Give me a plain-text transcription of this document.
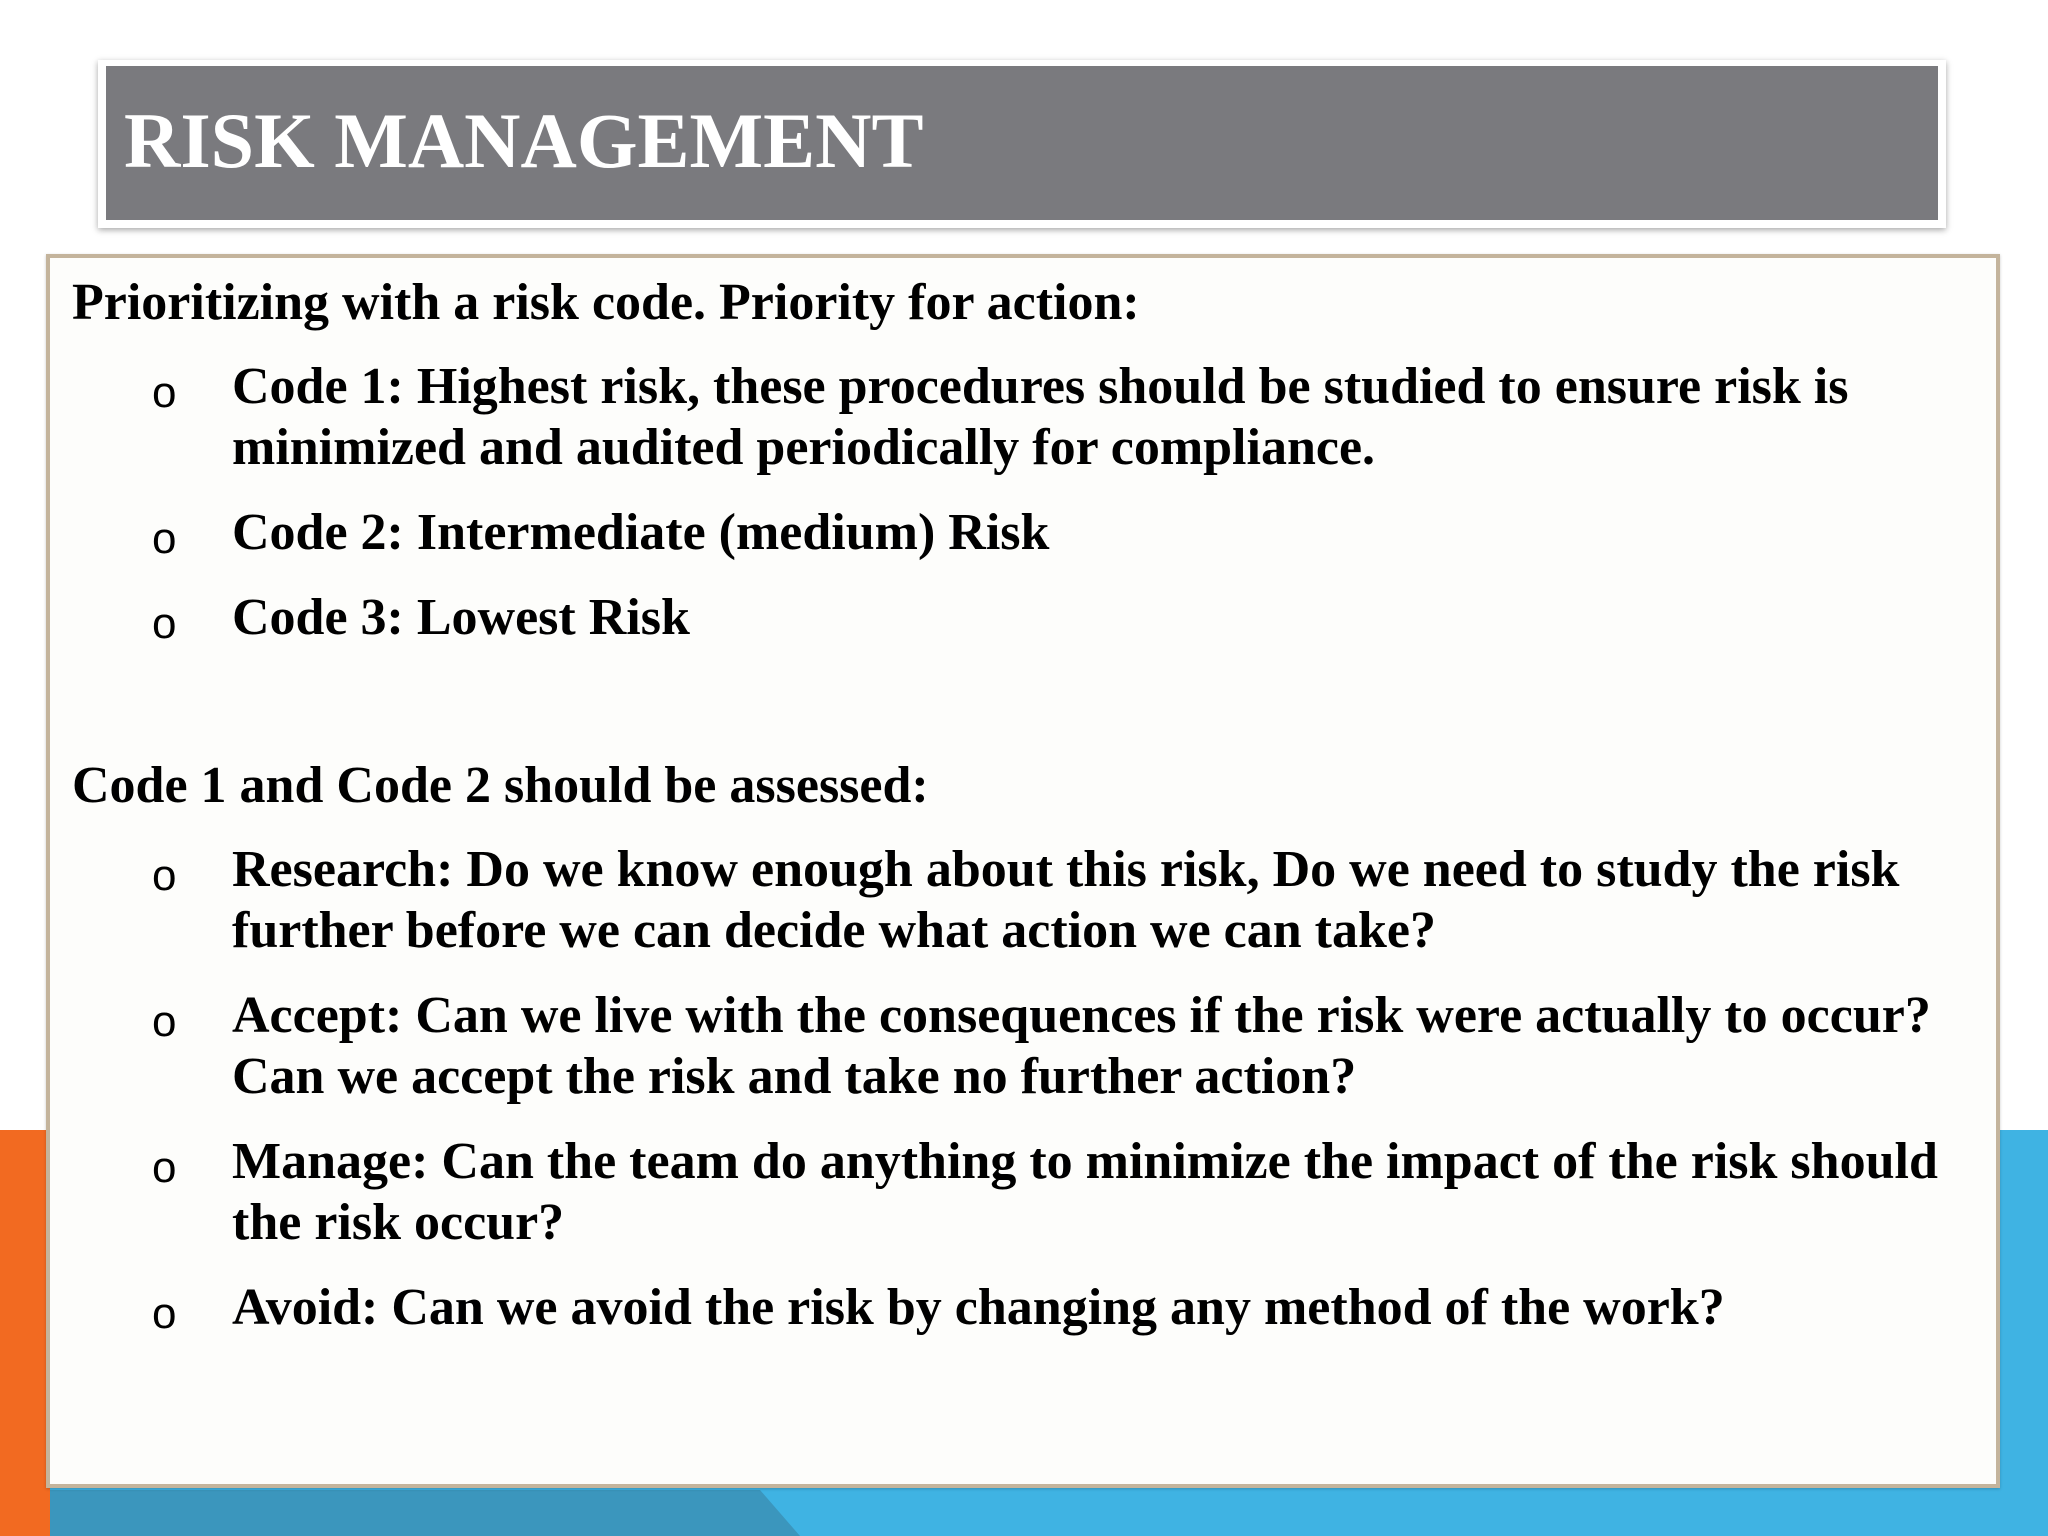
RISK MANAGEMENT

Prioritizing with a risk code. Priority for action:

o Code 1: Highest risk, these procedures should be studied to ensure risk is minimized and audited periodically for compliance.
o Code 2: Intermediate (medium) Risk
o Code 3: Lowest Risk

Code 1 and Code 2 should be assessed:

o Research: Do we know enough about this risk, Do we need to study the risk further before we can decide what action we can take?
o Accept: Can we live with the consequences if the risk were actually to occur? Can we accept the risk and take no further action?
o Manage: Can the team do anything to minimize the impact of the risk should the risk occur?
o Avoid: Can we avoid the risk by changing any method of the work?
